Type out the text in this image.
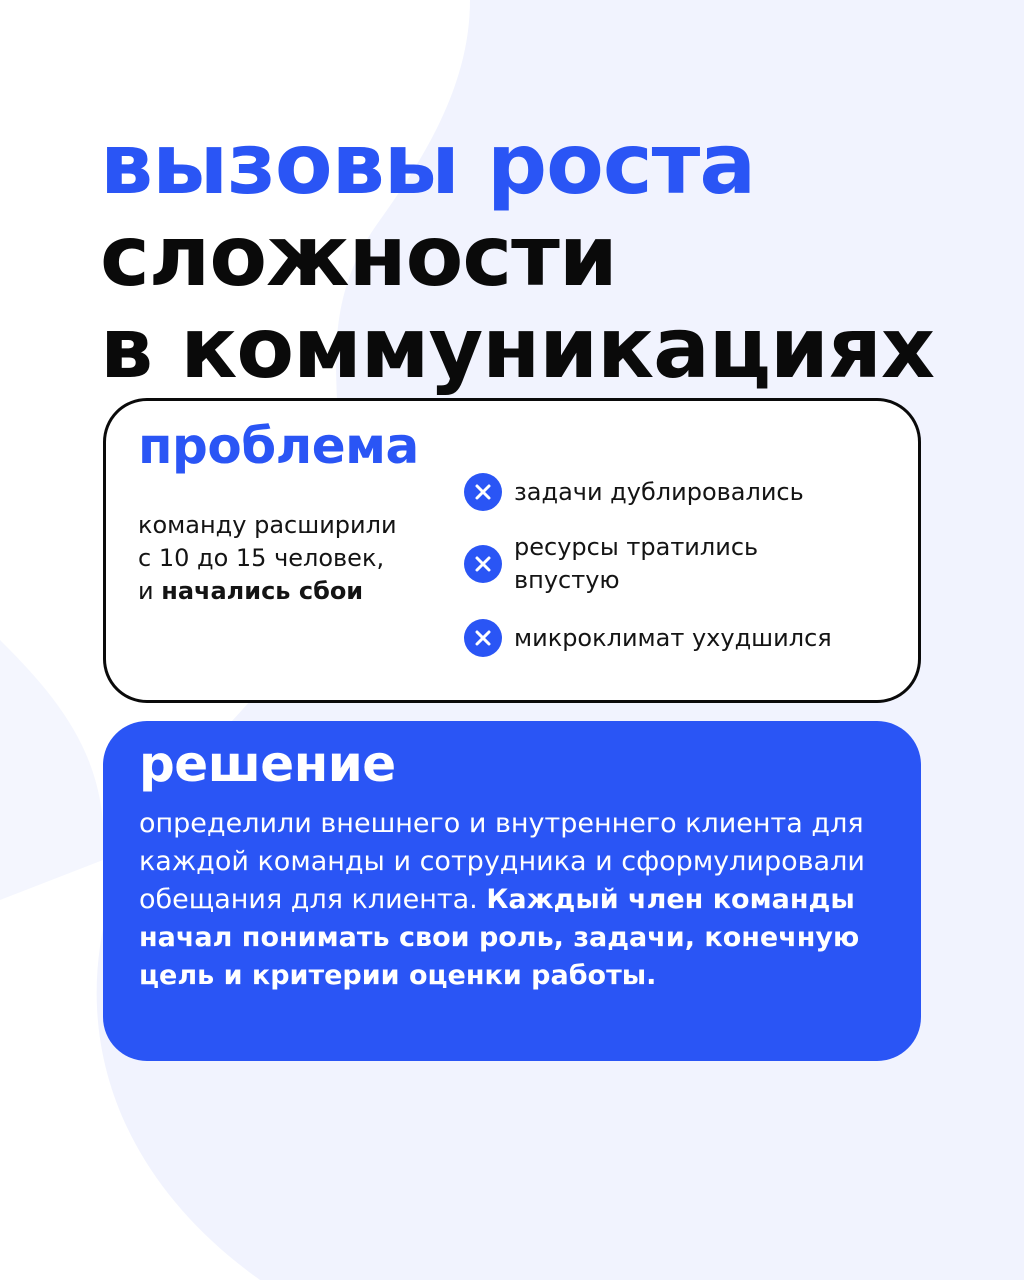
вызовы роста
сложности
в коммуникациях
проблема
команду расширили
с 10 до 15 человек,
и начались сбои
задачи дублировались
ресурсы тратились впустую
микроклимат ухудшился
решение
определили внешнего и внутреннего клиента для каждой команды и сотрудника и сформулировали обещания для клиента. Каждый член команды начал понимать свои роль, задачи, конечную цель и критерии оценки работы.
